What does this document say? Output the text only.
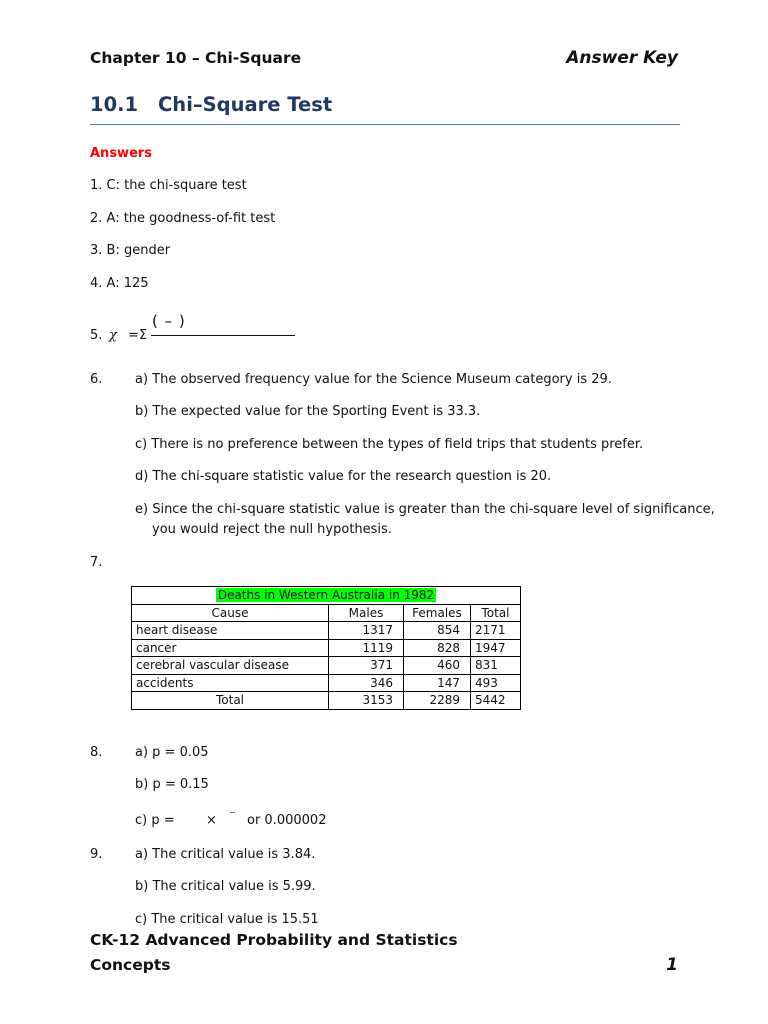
Chapter 10 – Chi-Square	Answer Key
10.1 Chi–Square Test
Answers
1. C: the chi-square test
2. A: the goodness-of-fit test
3. B: gender
4. A: 125
5. χ = Σ
( – )
6.	a) The observed frequency value for the Science Museum category is 29.
b) The expected value for the Sporting Event is 33.3.
c) There is no preference between the types of field trips that students prefer.
d) The chi-square statistic value for the research question is 20.
e) Since the chi-square statistic value is greater than the chi-square level of significance,
you would reject the null hypothesis.
7.
Deaths in Western Australia in 1982			
Cause	Males	Females	Total
heart disease	1317	854	2171
cancer	1119	828	1947
cerebral vascular disease	371	460	831
accidents	346	147	493
Total	3153	2289	5442
8.	a) p = 0.05
b) p = 0.15
c) p = × ⁻ or 0.000002
9.	a) The critical value is 3.84.
b) The critical value is 5.99.
c) The critical value is 15.51
CK-12 Advanced Probability and Statistics
Concepts	1
